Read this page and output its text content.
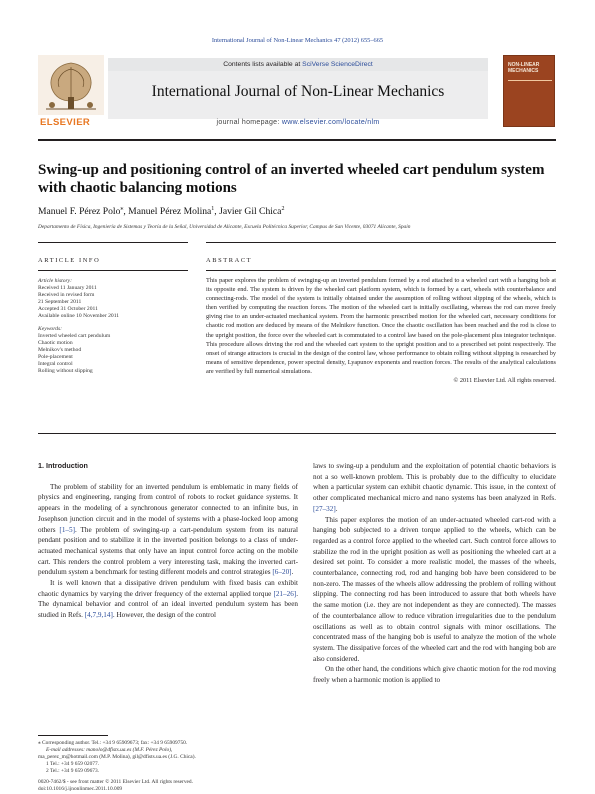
International Journal of Non-Linear Mechanics 47 (2012) 655–665
ELSEVIER
Contents lists available at SciVerse ScienceDirect
International Journal of Non-Linear Mechanics
journal homepage: www.elsevier.com/locate/nlm
NON-LINEAR MECHANICS
Swing-up and positioning control of an inverted wheeled cart pendulum system with chaotic balancing motions
Manuel F. Pérez Polo⁎, Manuel Pérez Molina$^1$, Javier Gil Chica$^2$
Departamento de Física, Ingeniería de Sistemas y Teoría de la Señal, Universidad de Alicante, Escuela Politécnica Superior, Campus de San Vicente, 03071 Alicante, Spain
ARTICLE INFO	ABSTRACT
Article history:
Received 11 January 2011
Received in revised form
21 September 2011
Accepted 31 October 2011
Available online 10 November 2011
Keywords:
Inverted wheeled cart pendulum
Chaotic motion
Melnikov's method
Pole-placement
Integral control
Rolling without slipping
This paper explores the problem of swinging-up an inverted pendulum formed by a rod attached to a wheeled cart with a hanging bob at its opposite end. The system is driven by the wheeled cart platform system, which is formed by a cart, wheels with counterbalance and connecting-rods. The model of the system is initially obtained under the assumption of rolling without slipping of the wheels, which is then verified by computing the reaction forces. The motion of the wheeled cart is initially oscillating, whereas the rod can move freely giving rise to an under-actuated mechanical system. From the harmonic prescribed motion for the wheeled cart, necessary conditions for chaotic rod motion are deduced by means of the Melnikov function. Once the chaotic oscillation has been reached and the rod is close to the upright position, the force over the wheeled cart is commutated to a control law based on the pole-placement plus integrator technique. This procedure allows driving the rod and the wheeled cart system to the upright position and to a prescribed set point respectively. The onset of strange attractors is crucial in the design of the control law, whose performance to obtain rolling without slipping is researched by means of sensitive dependence, power spectral density, Lyapunov exponents and reaction forces. The results of the analytical calculations are verified by full numerical simulations.
© 2011 Elsevier Ltd. All rights reserved.
1. Introduction

The problem of stability for an inverted pendulum is emblematic in many fields of physics and engineering, ranging from control of robots to rocket guidance systems. It appears in the modeling of a synchronous generator connected to an infinite bus, in Josephson junction circuit and in the model of systems with a phase-locked loop among others [1–5]. The problem of swinging-up a cart-pendulum system from its natural pendant position and to stabilize it in the inverted position belongs to a class of under-actuated mechanical systems that only have an input control force acting on the mobile cart. This renders the control problem a very interesting task, making the inverted cart-pendulum system a benchmark for testing different models and control strategies [6–20].

It is well known that a dissipative driven pendulum with fixed basis can exhibit chaotic dynamics by varying the driver frequency of the external applied torque [21–26]. The dynamical behavior and control of an ideal inverted pendulum system has been studied in Refs. [4,7,9,14]. However, the design of the control

laws to swing-up a pendulum and the exploitation of potential chaotic behaviors is not a so well-known problem. This is probably due to the difficulty to elucidate when a particular system can exhibit chaotic dynamic. This issue, in the context of other complicated mechanical micro and nano systems has been analyzed in Refs. [27–32].

This paper explores the motion of an under-actuated wheeled cart-rod with a hanging bob subjected to a driven torque applied to the wheels, which can be regarded as a control force applied to the wheeled cart. Such control force allows to stabilize the rod in the upright position as well as positioning the wheeled cart at a desired set point. To consider a more realistic model, the masses of the wheels, counterbalance, connecting rod, rod and hanging bob have been considered to be non-zero. The masses of the wheels allow addressing the problem of rolling without slipping. The connecting rod has been introduced to assure that both wheels have the same motion (i.e. they are not independent as they are connected). The masses of the counterbalance allow to reduce vibration irregularities due to the pendulum oscillations as well as to obtain control signals with minor oscillations. The concentrated mass of the hanging bob is useful to analyze the motion of the whole system. The dissipative forces of the wheeled cart and the rod with hanging bob are also considered.

On the other hand, the conditions which give chaotic motion for the rod moving freely when a harmonic motion is applied to

⁎ Corresponding author. Tel.: +34 9 65909673; fax: +34 9 65909750.
E-mail addresses: manolo@dfists.ua.es (M.F. Pérez Polo),
ma_perez_m@hotmail.com (M.P. Molina), gil@dfists.ua.es (J.G. Chica).
1 Tel.: +34 9 659 02077.
2 Tel.: +34 9 659 09673.
0020-7462/$ - see front matter © 2011 Elsevier Ltd. All rights reserved.
doi:10.1016/j.ijnonlinmec.2011.10.009
